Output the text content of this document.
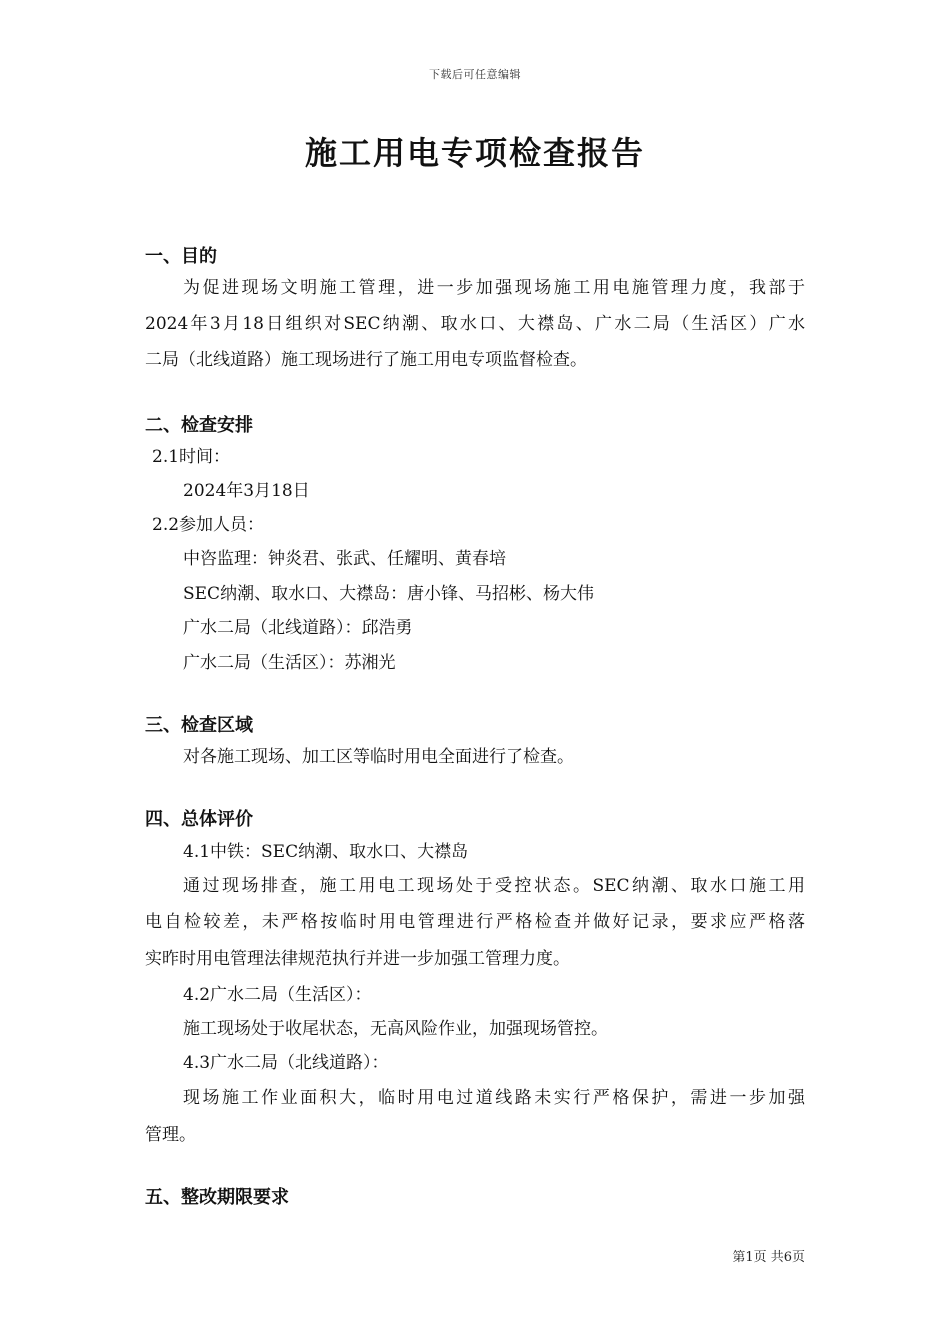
下载后可任意编辑
施工用电专项检查报告
一、目的
为促进现场文明施工管理，进一步加强现场施工用电施管理力度，我部于
2024年3月18日组织对SEC纳潮、取水口、大襟岛、广水二局（生活区）广水
二局（北线道路）施工现场进行了施工用电专项监督检查。
二、检查安排
2.1时间：
2024年3月18日
2.2参加人员：
中咨监理：钟炎君、张武、任耀明、黄春培
SEC纳潮、取水口、大襟岛：唐小锋、马招彬、杨大伟
广水二局（北线道路）：邱浩勇
广水二局（生活区）：苏湘光
三、检查区域
对各施工现场、加工区等临时用电全面进行了检查。
四、总体评价
4.1中铁：SEC纳潮、取水口、大襟岛
通过现场排查，施工用电工现场处于受控状态。SEC纳潮、取水口施工用
电自检较差，未严格按临时用电管理进行严格检查并做好记录，要求应严格落
实昨时用电管理法律规范执行并进一步加强工管理力度。
4.2广水二局（生活区）：
施工现场处于收尾状态，无高风险作业，加强现场管控。
4.3广水二局（北线道路）：
现场施工作业面积大，临时用电过道线路未实行严格保护，需进一步加强
管理。
五、整改期限要求
第1页 共6页
